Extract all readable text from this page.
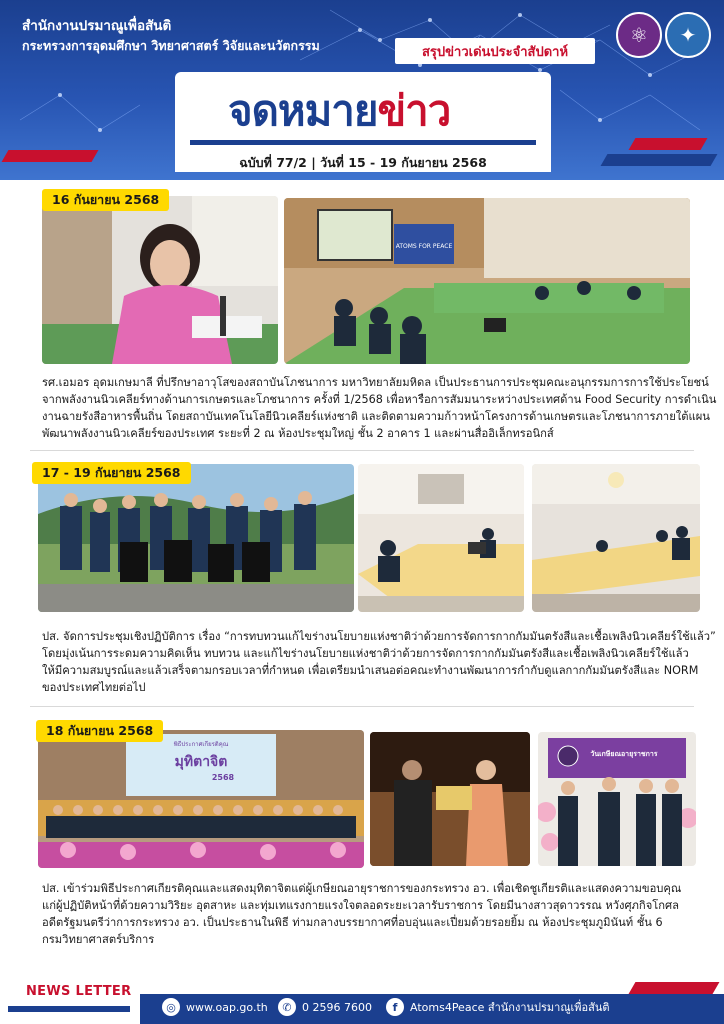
สำนักงานปรมาณูเพื่อสันติ
กระทรวงการอุดมศึกษา วิทยาศาสตร์ วิจัยและนวัตกรรม	⚛	✦
สรุปข่าวเด่นประจำสัปดาห์
จดหมายข่าว
ฉบับที่ 77/2 | วันที่ 15 - 19 กันยายน 2568
16 กันยายน 2568
ATOMS FOR PEACE
รศ.เอมอร อุดมเกษมาลี ที่ปรึกษาอาวุโสของสถาบันโภชนาการ มหาวิทยาลัยมหิดล เป็นประธานการประชุมคณะอนุกรรมการการใช้ประโยชน์
จากพลังงานนิวเคลียร์ทางด้านการเกษตรและโภชนาการ ครั้งที่ 1/2568 เพื่อหารือการสัมมนาระหว่างประเทศด้าน Food Security การดำเนิน
งานฉายรังสีอาหารพื้นถิ่น โดยสถาบันเทคโนโลยีนิวเคลียร์แห่งชาติ และติดตามความก้าวหน้าโครงการด้านเกษตรและโภชนาการภายใต้แผน
พัฒนาพลังงานนิวเคลียร์ของประเทศ ระยะที่ 2 ณ ห้องประชุมใหญ่ ชั้น 2 อาคาร 1 และผ่านสื่ออิเล็กทรอนิกส์
17 - 19 กันยายน 2568
ปส. จัดการประชุมเชิงปฏิบัติการ เรื่อง “การทบทวนแก้ไขร่างนโยบายแห่งชาติว่าด้วยการจัดการกากกัมมันตรังสีและเชื้อเพลิงนิวเคลียร์ใช้แล้ว”
โดยมุ่งเน้นการระดมความคิดเห็น ทบทวน และแก้ไขร่างนโยบายแห่งชาติว่าด้วยการจัดการกากกัมมันตรังสีและเชื้อเพลิงนิวเคลียร์ใช้แล้ว
ให้มีความสมบูรณ์และแล้วเสร็จตามกรอบเวลาที่กำหนด เพื่อเตรียมนำเสนอต่อคณะทำงานพัฒนาการกำกับดูแลกากกัมมันตรังสีและ NORM
ของประเทศไทยต่อไป
พิธีประกาศเกียรติคุณ
มุทิตาจิต
2568
18 กันยายน 2568
วันเกษียณอายุราชการ
ปส. เข้าร่วมพิธีประกาศเกียรติคุณและแสดงมุทิตาจิตแด่ผู้เกษียณอายุราชการของกระทรวง อว. เพื่อเชิดชูเกียรติและแสดงความขอบคุณ
แก่ผู้ปฏิบัติหน้าที่ด้วยความวิริยะ อุตสาหะ และทุ่มเทแรงกายแรงใจตลอดระยะเวลารับราชการ โดยมีนางสาวสุดาวรรณ หวังศุภกิจโกศล
อดีตรัฐมนตรีว่าการกระทรวง อว. เป็นประธานในพิธี ท่ามกลางบรรยากาศที่อบอุ่นและเปี่ยมด้วยรอยยิ้ม ณ ห้องประชุมภูมินันท์ ชั้น 6
กรมวิทยาศาสตร์บริการ
NEWS LETTER
◎ www.oap.go.th	✆ 0 2596 7600	f	Atoms4Peace สำนักงานปรมาณูเพื่อสันติ
